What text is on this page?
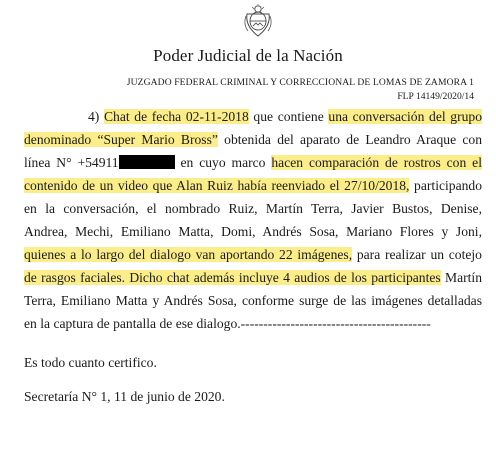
Poder Judicial de la Nación
JUZGADO FEDERAL CRIMINAL Y CORRECCIONAL DE LOMAS DE ZAMORA 1
FLP 14149/2020/14
4) Chat de fecha 02-11-2018 que contiene una conversación del grupo
denominado “Super Mario Bross” obtenida del aparato de Leandro Araque con
línea N° +54911	en cuyo marco hacen comparación de rostros con el
contenido de un video que Alan Ruiz había reenviado el 27/10/2018, participando
en la conversación, el nombrado Ruiz, Martín Terra, Javier Bustos, Denise,
Andrea, Mechi, Emiliano Matta, Domi, Andrés Sosa, Mariano Flores y Joni,
quienes a lo largo del dialogo van aportando 22 imágenes, para realizar un cotejo
de rasgos faciales. Dicho chat además incluye 4 audios de los participantes Martín
Terra, Emiliano Matta y Andrés Sosa, conforme surge de las imágenes detalladas
en la captura de pantalla de ese dialogo.------------------------------------------
Es todo cuanto certifico.
Secretaría N° 1, 11 de junio de 2020.
